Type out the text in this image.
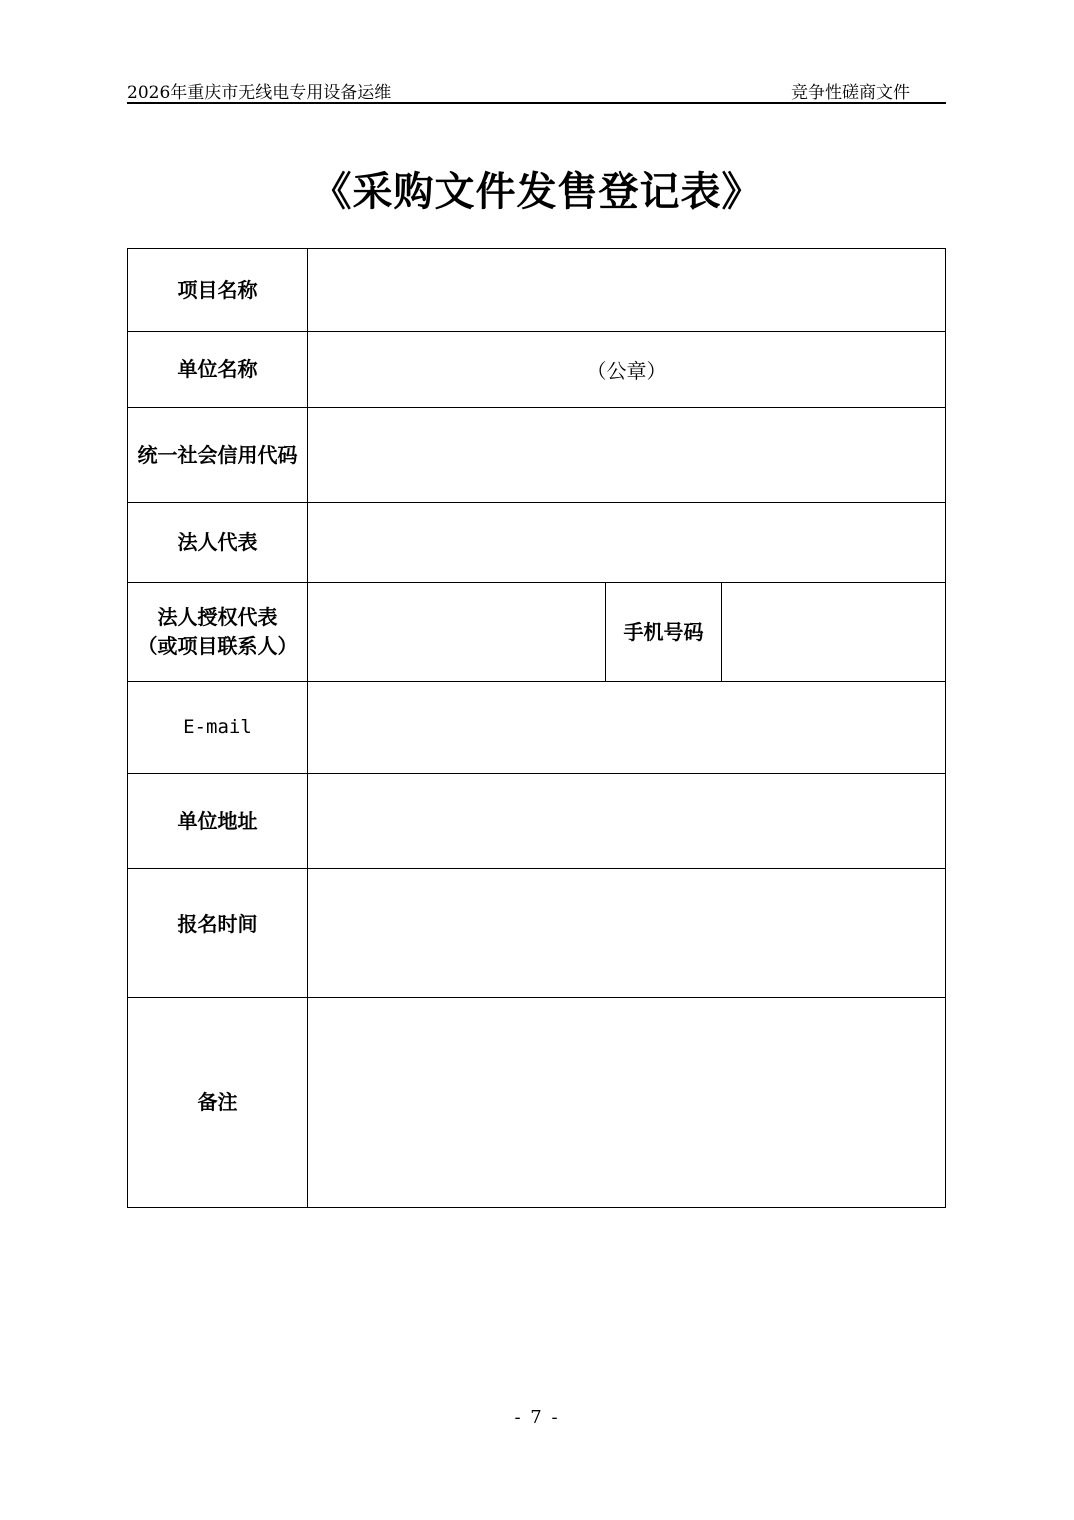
2026年重庆市无线电专用设备运维	竞争性磋商文件
《采购文件发售登记表》
项目名称			
单位名称	（公章）		
统一社会信用代码			
法人代表			

法人授权代表
（或项目联系人）		手机号码	
E-mail			
单位地址			
报名时间			
备注			
- 7 -
